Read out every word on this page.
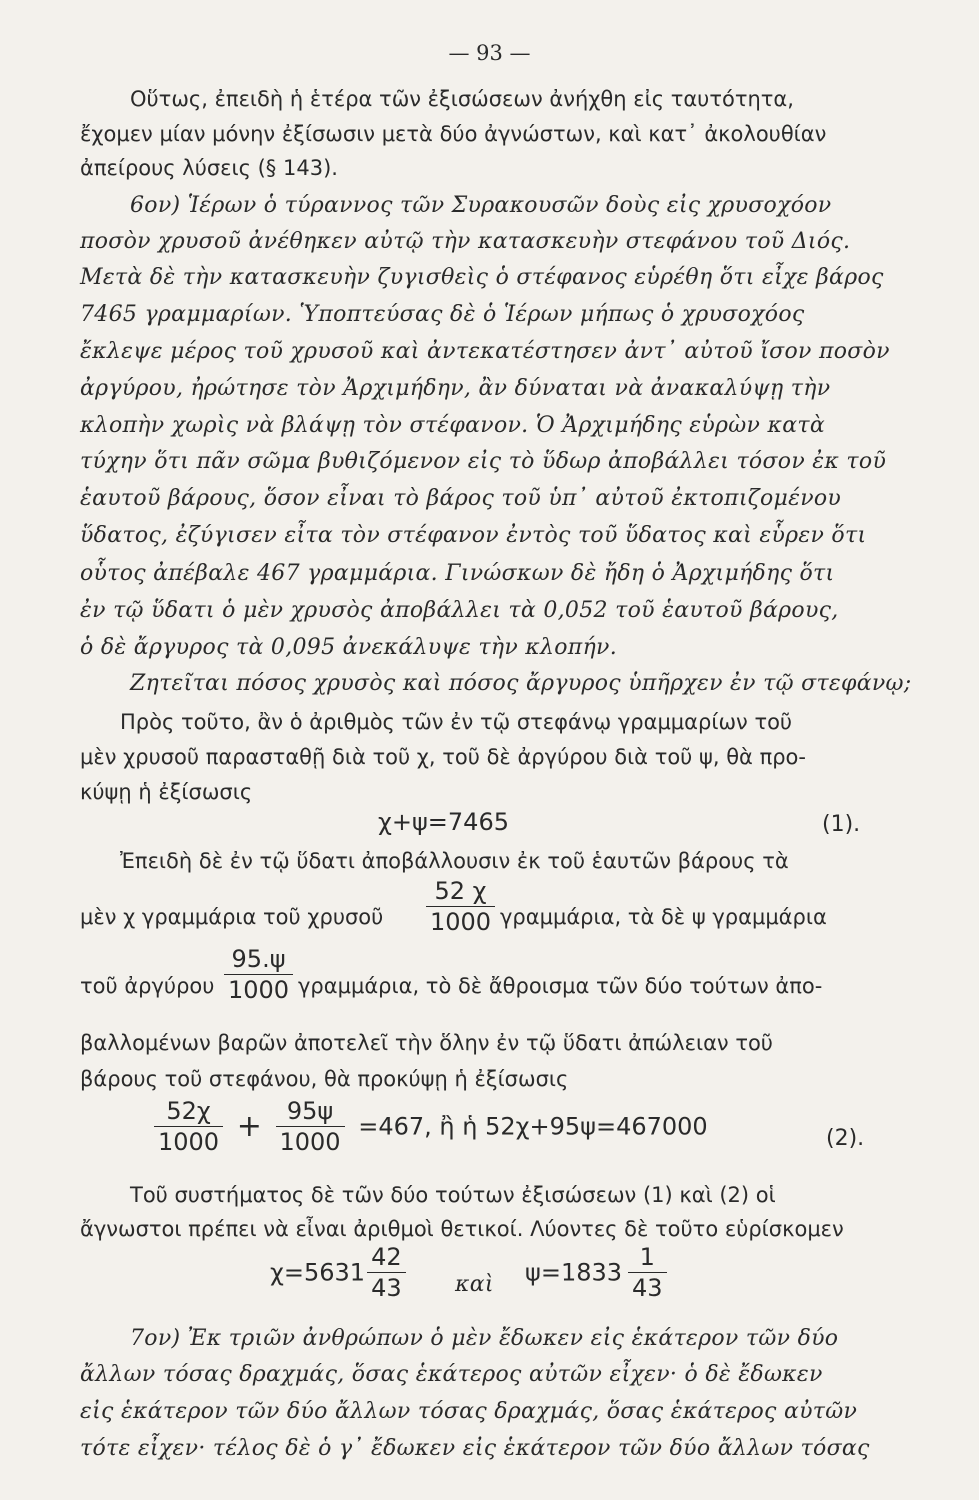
— 93 —
Οὕτως, ἐπειδὴ ἡ ἑτέρα τῶν ἐξισώσεων ἀνήχθη εἰς ταυτότητα,
ἔχομεν μίαν μόνην ἐξίσωσιν μετὰ δύο ἀγνώστων, καὶ κατ᾽ ἀκολουθίαν
ἀπείρους λύσεις (§ 143).
6ον) Ἱέρων ὁ τύραννος τῶν Συρακουσῶν δοὺς εἰς χρυσοχόον
ποσὸν χρυσοῦ ἀνέθηκεν αὐτῷ τὴν κατασκευὴν στεφάνου τοῦ Διός.
Μετὰ δὲ τὴν κατασκευὴν ζυγισθεὶς ὁ στέφανος εὑρέθη ὅτι εἶχε βάρος
7465 γραμμαρίων. Ὑποπτεύσας δὲ ὁ Ἱέρων μήπως ὁ χρυσοχόος
ἔκλεψε μέρος τοῦ χρυσοῦ καὶ ἀντεκατέστησεν ἀντ᾽ αὐτοῦ ἴσον ποσὸν
ἀργύρου, ἠρώτησε τὸν Ἀρχιμήδην, ἂν δύναται νὰ ἀνακαλύψῃ τὴν
κλοπὴν χωρὶς νὰ βλάψῃ τὸν στέφανον. Ὁ Ἀρχιμήδης εὑρὼν κατὰ
τύχην ὅτι πᾶν σῶμα βυθιζόμενον εἰς τὸ ὕδωρ ἀποβάλλει τόσον ἐκ τοῦ
ἑαυτοῦ βάρους, ὅσον εἶναι τὸ βάρος τοῦ ὑπ᾽ αὐτοῦ ἐκτοπιζομένου
ὕδατος, ἐζύγισεν εἶτα τὸν στέφανον ἐντὸς τοῦ ὕδατος καὶ εὗρεν ὅτι
οὗτος ἀπέβαλε 467 γραμμάρια. Γινώσκων δὲ ἤδη ὁ Ἀρχιμήδης ὅτι
ἐν τῷ ὕδατι ὁ μὲν χρυσὸς ἀποβάλλει τὰ 0,052 τοῦ ἑαυτοῦ βάρους,
ὁ δὲ ἄργυρος τὰ 0,095 ἀνεκάλυψε τὴν κλοπήν.
Ζητεῖται πόσος χρυσὸς καὶ πόσος ἄργυρος ὑπῆρχεν ἐν τῷ στεφάνῳ;
Πρὸς τοῦτο, ἂν ὁ ἀριθμὸς τῶν ἐν τῷ στεφάνῳ γραμμαρίων τοῦ
μὲν χρυσοῦ παρασταθῇ διὰ τοῦ χ, τοῦ δὲ ἀργύρου διὰ τοῦ ψ, θὰ προ-
κύψῃ ἡ ἐξίσωσις
χ+ψ=7465	(1).
Ἐπειδὴ δὲ ἐν τῷ ὕδατι ἀποβάλλουσιν ἐκ τοῦ ἑαυτῶν βάρους τὰ
μὲν χ γραμμάρια τοῦ χρυσοῦ	$\frac{52 \chi}{1000} \gamma\rho\alpha\mu\mu ά\rho\iota\alpha$, τὰ δὲ ψ γραμμάρια
τοῦ ἀργύρου $\frac{95.\psi}{1000} \gamma\rho\alpha\mu\mu ά\rho\iota\alpha$, τὸ δὲ ἄθροισμα τῶν δύο τούτων ἀπο-
βαλλομένων βαρῶν ἀποτελεῖ τὴν ὅλην ἐν τῷ ὕδατι ἀπώλειαν τοῦ
βάρους τοῦ στεφάνου, θὰ προκύψῃ ἡ ἐξίσωσις
$\frac{52\chi}{1000} + \frac{95\psi}{1000} =467$, ἢ ἡ 52χ+95ψ=467000	(2).
Τοῦ συστήματος δὲ τῶν δύο τούτων ἐξισώσεων (1) καὶ (2) οἱ
ἄγνωστοι πρέπει νὰ εἶναι ἀριθμοὶ θετικοί. Λύοντες δὲ τοῦτο εὑρίσκομεν
$\chi=5631 \frac{42}{43}$ καὶ	$\psi=1833 \frac{1}{43}$
7ον) Ἐκ τριῶν ἀνθρώπων ὁ μὲν ἔδωκεν εἰς ἑκάτερον τῶν δύο
ἄλλων τόσας δραχμάς, ὅσας ἑκάτερος αὐτῶν εἶχεν· ὁ δὲ ἔδωκεν
εἰς ἑκάτερον τῶν δύο ἄλλων τόσας δραχμάς, ὅσας ἑκάτερος αὐτῶν
τότε εἶχεν· τέλος δὲ ὁ γ᾽ ἔδωκεν εἰς ἑκάτερον τῶν δύο ἄλλων τόσας
